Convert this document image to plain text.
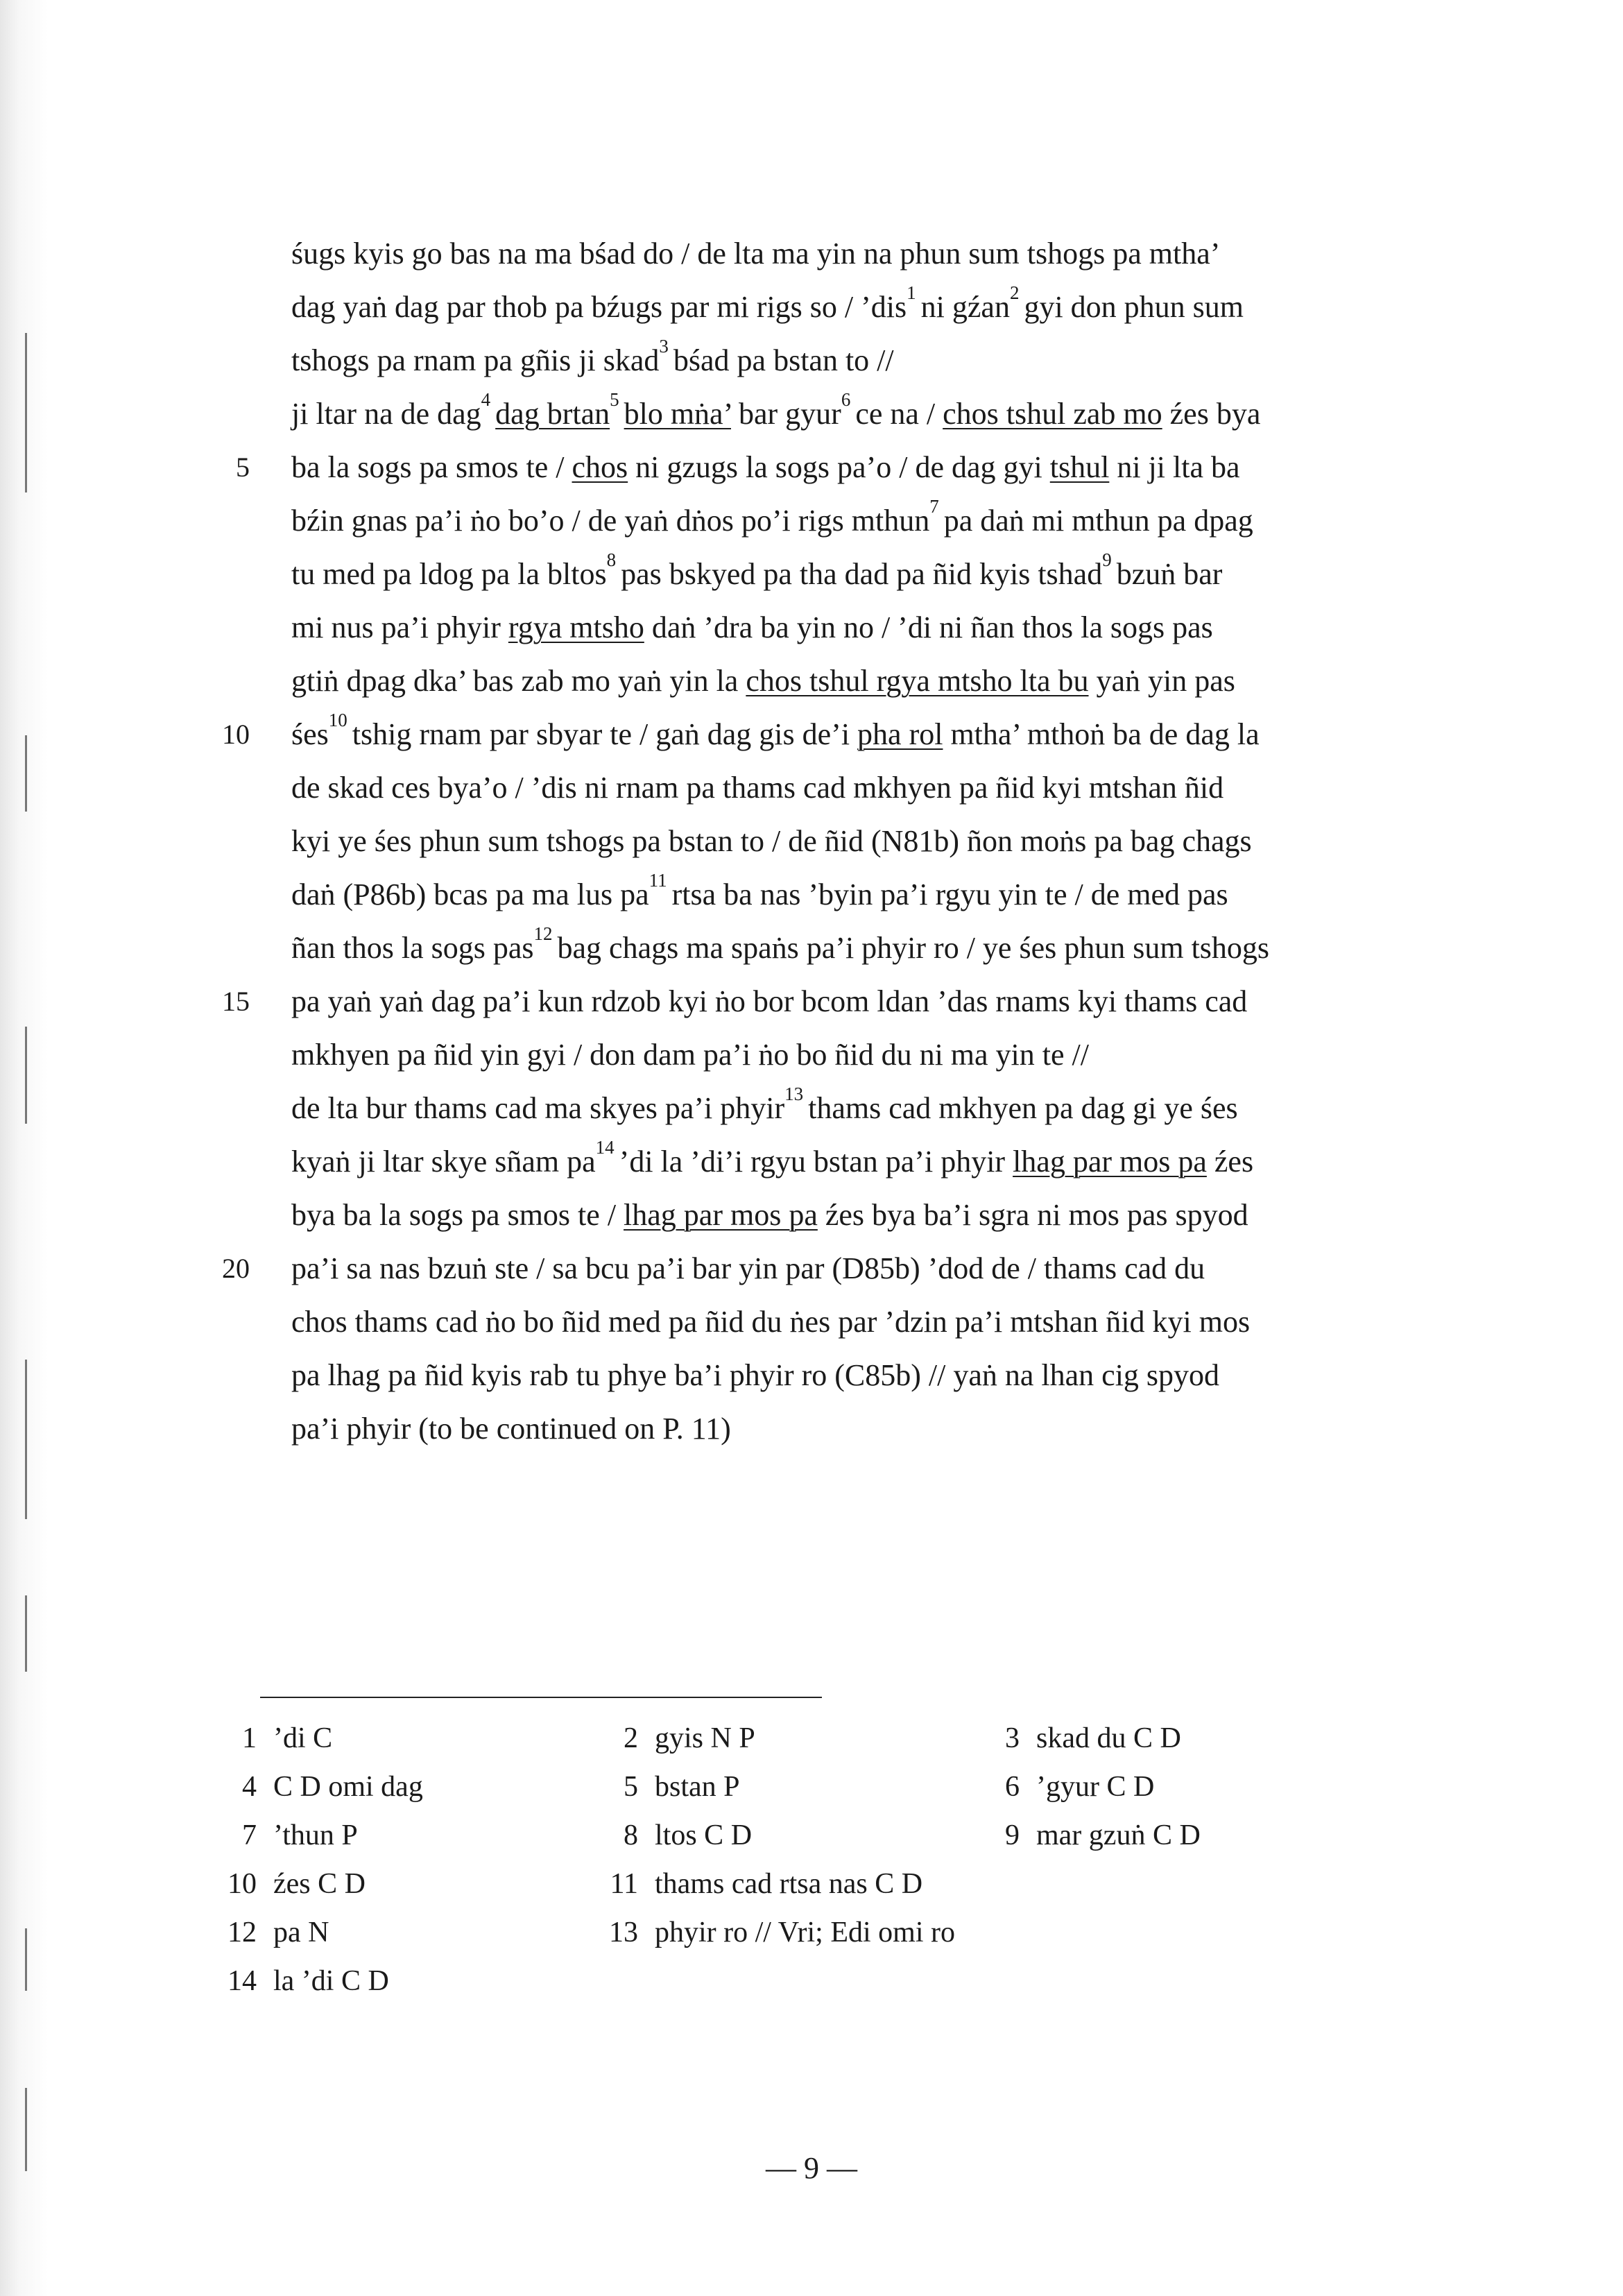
śugs kyis go bas na ma bśad do / de lta ma yin na phun sum tshogs pa mtha’
dag yaṅ dag par thob pa bźugs par mi rigs so / ’dis$^1$ ni gźan$^2$ gyi don phun sum
tshogs pa rnam pa gñis ji skad$^3$ bśad pa bstan to //
ji ltar na de dag$^4$ dag brtan$^5$ blo mṅa’ bar gyur$^6$ ce na / chos tshul zab mo źes bya
5 ba la sogs pa smos te / chos ni gzugs la sogs pa’o / de dag gyi tshul ni ji lta ba
bźin gnas pa’i ṅo bo’o / de yaṅ dṅos po’i rigs mthun$^7$ pa daṅ mi mthun pa dpag
tu med pa ldog pa la bltos$^8$ pas bskyed pa tha dad pa ñid kyis tshad$^9$ bzuṅ bar
mi nus pa’i phyir rgya mtsho daṅ ’dra ba yin no / ’di ni ñan thos la sogs pas
gtiṅ dpag dka’ bas zab mo yaṅ yin la chos tshul rgya mtsho lta bu yaṅ yin pas
10 śes$^{10}$ tshig rnam par sbyar te / gaṅ dag gis de’i pha rol mtha’ mthoṅ ba de dag la
de skad ces bya’o / ’dis ni rnam pa thams cad mkhyen pa ñid kyi mtshan ñid
kyi ye śes phun sum tshogs pa bstan to / de ñid (N81b) ñon moṅs pa bag chags
daṅ (P86b) bcas pa ma lus pa$^{11}$ rtsa ba nas ’byin pa’i rgyu yin te / de med pas
ñan thos la sogs pas$^{12}$ bag chags ma spaṅs pa’i phyir ro / ye śes phun sum tshogs
15 pa yaṅ yaṅ dag pa’i kun rdzob kyi ṅo bor bcom ldan ’das rnams kyi thams cad
mkhyen pa ñid yin gyi / don dam pa’i ṅo bo ñid du ni ma yin te //
de lta bur thams cad ma skyes pa’i phyir$^{13}$ thams cad mkhyen pa dag gi ye śes
kyaṅ ji ltar skye sñam pa$^{14}$ ’di la ’di’i rgyu bstan pa’i phyir lhag par mos pa źes
bya ba la sogs pa smos te / lhag par mos pa źes bya ba’i sgra ni mos pas spyod
20 pa’i sa nas bzuṅ ste / sa bcu pa’i bar yin par (D85b) ’dod de / thams cad du
chos thams cad ṅo bo ñid med pa ñid du ṅes par ’dzin pa’i mtshan ñid kyi mos
pa lhag pa ñid kyis rab tu phye ba’i phyir ro (C85b) // yaṅ na lhan cig spyod
pa’i phyir (to be continued on P. 11)
1 ’di C	2 gyis N P	3 skad du C D
4 C D omi dag	5 bstan P	6 ’gyur C D
7 ’thun P	8 ltos C D	9 mar gzuṅ C D
10 źes C D	11 thams cad rtsa nas C D
12 pa N	13 phyir ro // Vri; Edi omi ro
14 la ’di C D
— 9 —
